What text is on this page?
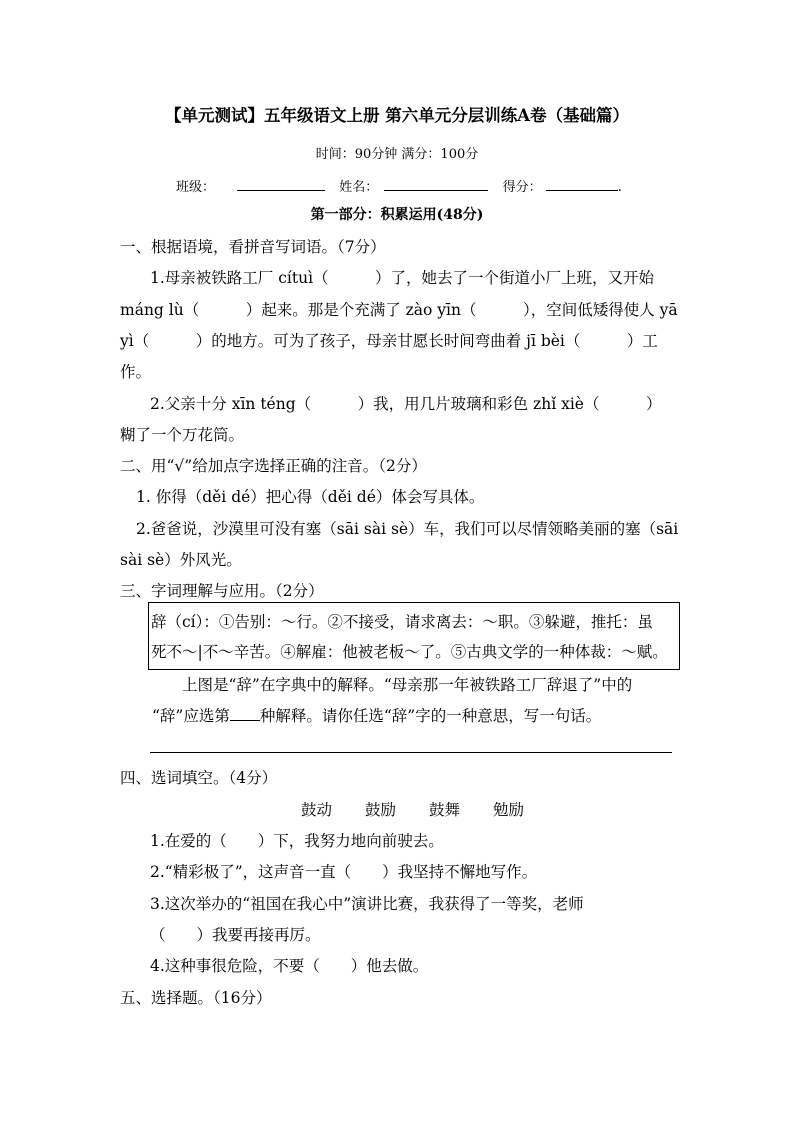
【单元测试】五年级语文上册 第六单元分层训练A卷（基础篇）
时间：90分钟 满分：100分
班级：	姓名：	得分：	.
第一部分：积累运用(48分)
一、根据语境，看拼音写词语。（7分）
1.母亲被铁路工厂 cítuì（　　　）了，她去了一个街道小厂上班，又开始
máng lù（　　　）起来。那是个充满了 zào yīn（　　　），空间低矮得使人 yā
yì（　　　）的地方。可为了孩子，母亲甘愿长时间弯曲着 jī bèi（　　　）工
作。
2.父亲十分 xīn téng（　　　）我，用几片玻璃和彩色 zhǐ xiè（　　　）
糊了一个万花筒。
二、用“√”给加点字选择正确的注音。（2分）
1. 你得（děi dé）把心得（děi dé）体会写具体。
2.爸爸说，沙漠里可没有塞（sāi sài sè）车，我们可以尽情领略美丽的塞（sāi
sài sè）外风光。
三、字词理解与应用。（2分）
辞（cí）：①告别：～行。②不接受，请求离去：～职。③躲避，推托：虽
死不～|不～辛苦。④解雇：他被老板～了。⑤古典文学的一种体裁：～赋。
上图是“辞”在字典中的解释。“母亲那一年被铁路工厂辞退了”中的
“辞”应选第 种解释。请你任选“辞”字的一种意思，写一句话。
四、选词填空。（4分）
鼓动 鼓励 鼓舞 勉励
1.在爱的（　　）下，我努力地向前驶去。
2.“精彩极了”，这声音一直（　　）我坚持不懈地写作。
3.这次举办的“祖国在我心中”演讲比赛，我获得了一等奖，老师
（　　）我要再接再厉。
4.这种事很危险，不要（　　）他去做。
五、选择题。（16分）
